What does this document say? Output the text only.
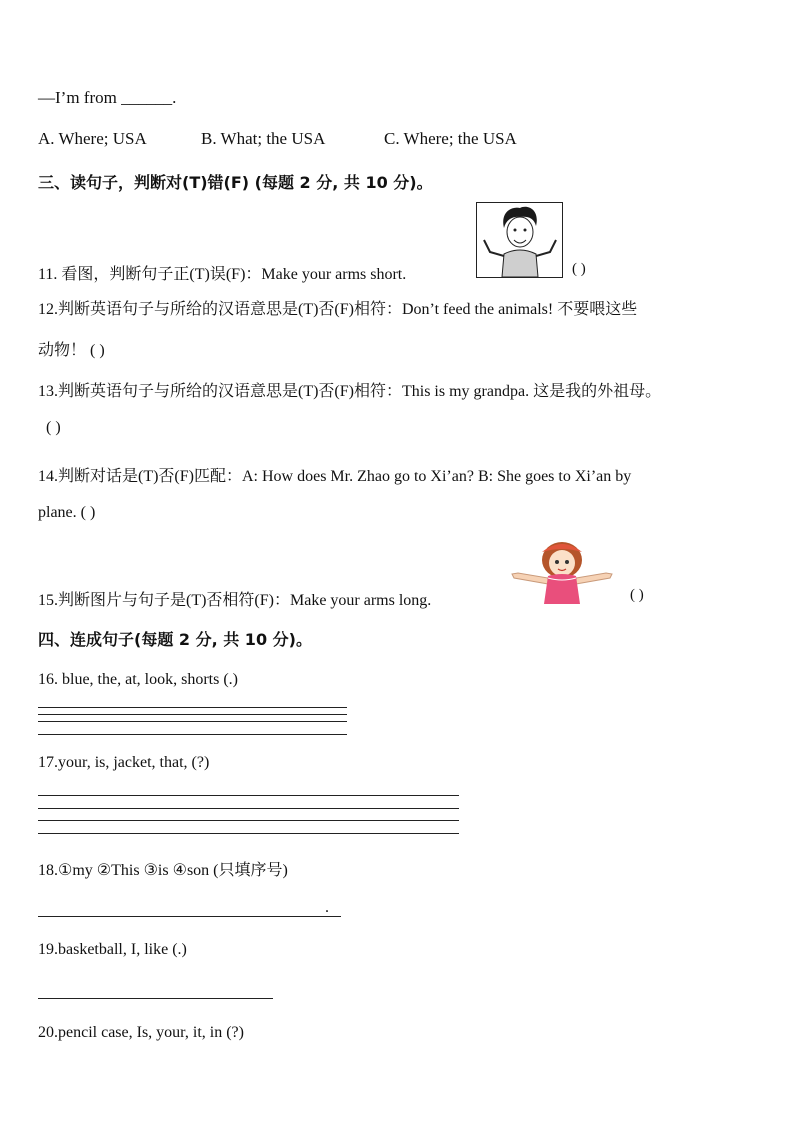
—I’m from ______.
A. Where; USA	B. What; the USA	C. Where; the USA
三、读句子，判断对(T)错(F) (每题 2 分, 共 10 分)。
11. 看图，判断句子正(T)误(F)：Make your arms short.	( )
12.判断英语句子与所给的汉语意思是(T)否(F)相符：Don’t feed the animals! 不要喂这些
动物！ ( )
13.判断英语句子与所给的汉语意思是(T)否(F)相符：This is my grandpa. 这是我的外祖母。
( )
14.判断对话是(T)否(F)匹配：A: How does Mr. Zhao go to Xi’an? B: She goes to Xi’an by
plane. ( )
15.判断图片与句子是(T)否相符(F)：Make your arms long.	( )
四、连成句子(每题 2 分, 共 10 分)。
16. blue, the, at, look, shorts (.)
17.your, is, jacket, that, (?)
18.①my ②This ③is ④son (只填序号)
.
19.basketball, I, like (.)
20.pencil case, Is, your, it, in (?)
